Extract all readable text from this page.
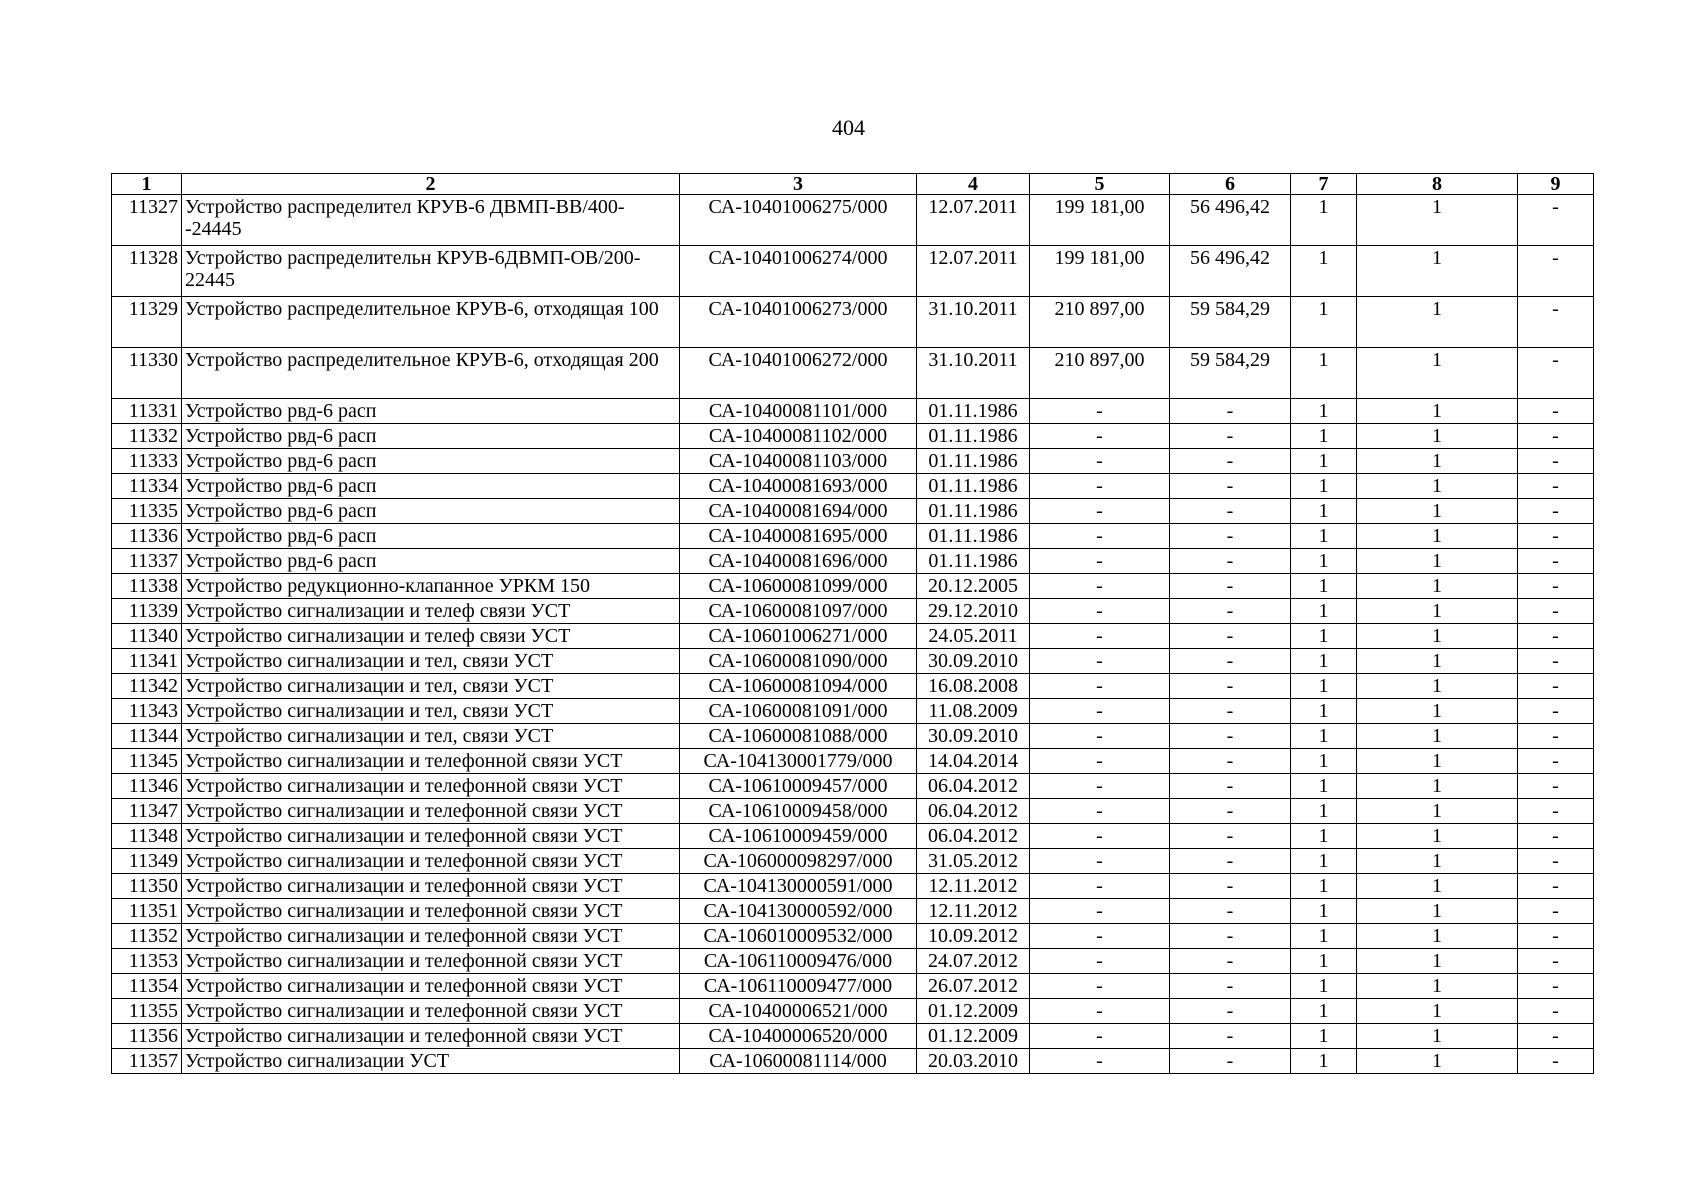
404
1	2	3	4	5	6	7	8	9
11327	Устройство распределител КРУВ-6 ДВМП-ВВ/400--24445	СА-10401006275/000	12.07.2011	199 181,00	56 496,42	1	1	-
11328	Устройство распределительн КРУВ-6ДВМП-ОВ/200-22445	СА-10401006274/000	12.07.2011	199 181,00	56 496,42	1	1	-
11329	Устройство распределительное КРУВ-6, отходящая 100	СА-10401006273/000	31.10.2011	210 897,00	59 584,29	1	1	-
11330	Устройство распределительное КРУВ-6, отходящая 200	СА-10401006272/000	31.10.2011	210 897,00	59 584,29	1	1	-
11331	Устройство рвд-6 расп	СА-10400081101/000	01.11.1986	-	-	1	1	-
11332	Устройство рвд-6 расп	СА-10400081102/000	01.11.1986	-	-	1	1	-
11333	Устройство рвд-6 расп	СА-10400081103/000	01.11.1986	-	-	1	1	-
11334	Устройство рвд-6 расп	СА-10400081693/000	01.11.1986	-	-	1	1	-
11335	Устройство рвд-6 расп	СА-10400081694/000	01.11.1986	-	-	1	1	-
11336	Устройство рвд-6 расп	СА-10400081695/000	01.11.1986	-	-	1	1	-
11337	Устройство рвд-6 расп	СА-10400081696/000	01.11.1986	-	-	1	1	-
11338	Устройство редукционно-клапанное УРКМ 150	СА-10600081099/000	20.12.2005	-	-	1	1	-
11339	Устройство сигнализации и телеф связи УСТ	СА-10600081097/000	29.12.2010	-	-	1	1	-
11340	Устройство сигнализации и телеф связи УСТ	СА-10601006271/000	24.05.2011	-	-	1	1	-
11341	Устройство сигнализации и тел, связи УСТ	СА-10600081090/000	30.09.2010	-	-	1	1	-
11342	Устройство сигнализации и тел, связи УСТ	СА-10600081094/000	16.08.2008	-	-	1	1	-
11343	Устройство сигнализации и тел, связи УСТ	СА-10600081091/000	11.08.2009	-	-	1	1	-
11344	Устройство сигнализации и тел, связи УСТ	СА-10600081088/000	30.09.2010	-	-	1	1	-
11345	Устройство сигнализации и телефонной связи УСТ	СА-104130001779/000	14.04.2014	-	-	1	1	-
11346	Устройство сигнализации и телефонной связи УСТ	СА-10610009457/000	06.04.2012	-	-	1	1	-
11347	Устройство сигнализации и телефонной связи УСТ	СА-10610009458/000	06.04.2012	-	-	1	1	-
11348	Устройство сигнализации и телефонной связи УСТ	СА-10610009459/000	06.04.2012	-	-	1	1	-
11349	Устройство сигнализации и телефонной связи УСТ	СА-106000098297/000	31.05.2012	-	-	1	1	-
11350	Устройство сигнализации и телефонной связи УСТ	СА-104130000591/000	12.11.2012	-	-	1	1	-
11351	Устройство сигнализации и телефонной связи УСТ	СА-104130000592/000	12.11.2012	-	-	1	1	-
11352	Устройство сигнализации и телефонной связи УСТ	СА-106010009532/000	10.09.2012	-	-	1	1	-
11353	Устройство сигнализации и телефонной связи УСТ	СА-106110009476/000	24.07.2012	-	-	1	1	-
11354	Устройство сигнализации и телефонной связи УСТ	СА-106110009477/000	26.07.2012	-	-	1	1	-
11355	Устройство сигнализации и телефонной связи УСТ	СА-10400006521/000	01.12.2009	-	-	1	1	-
11356	Устройство сигнализации и телефонной связи УСТ	СА-10400006520/000	01.12.2009	-	-	1	1	-
11357	Устройство сигнализации УСТ	СА-10600081114/000	20.03.2010	-	-	1	1	-
